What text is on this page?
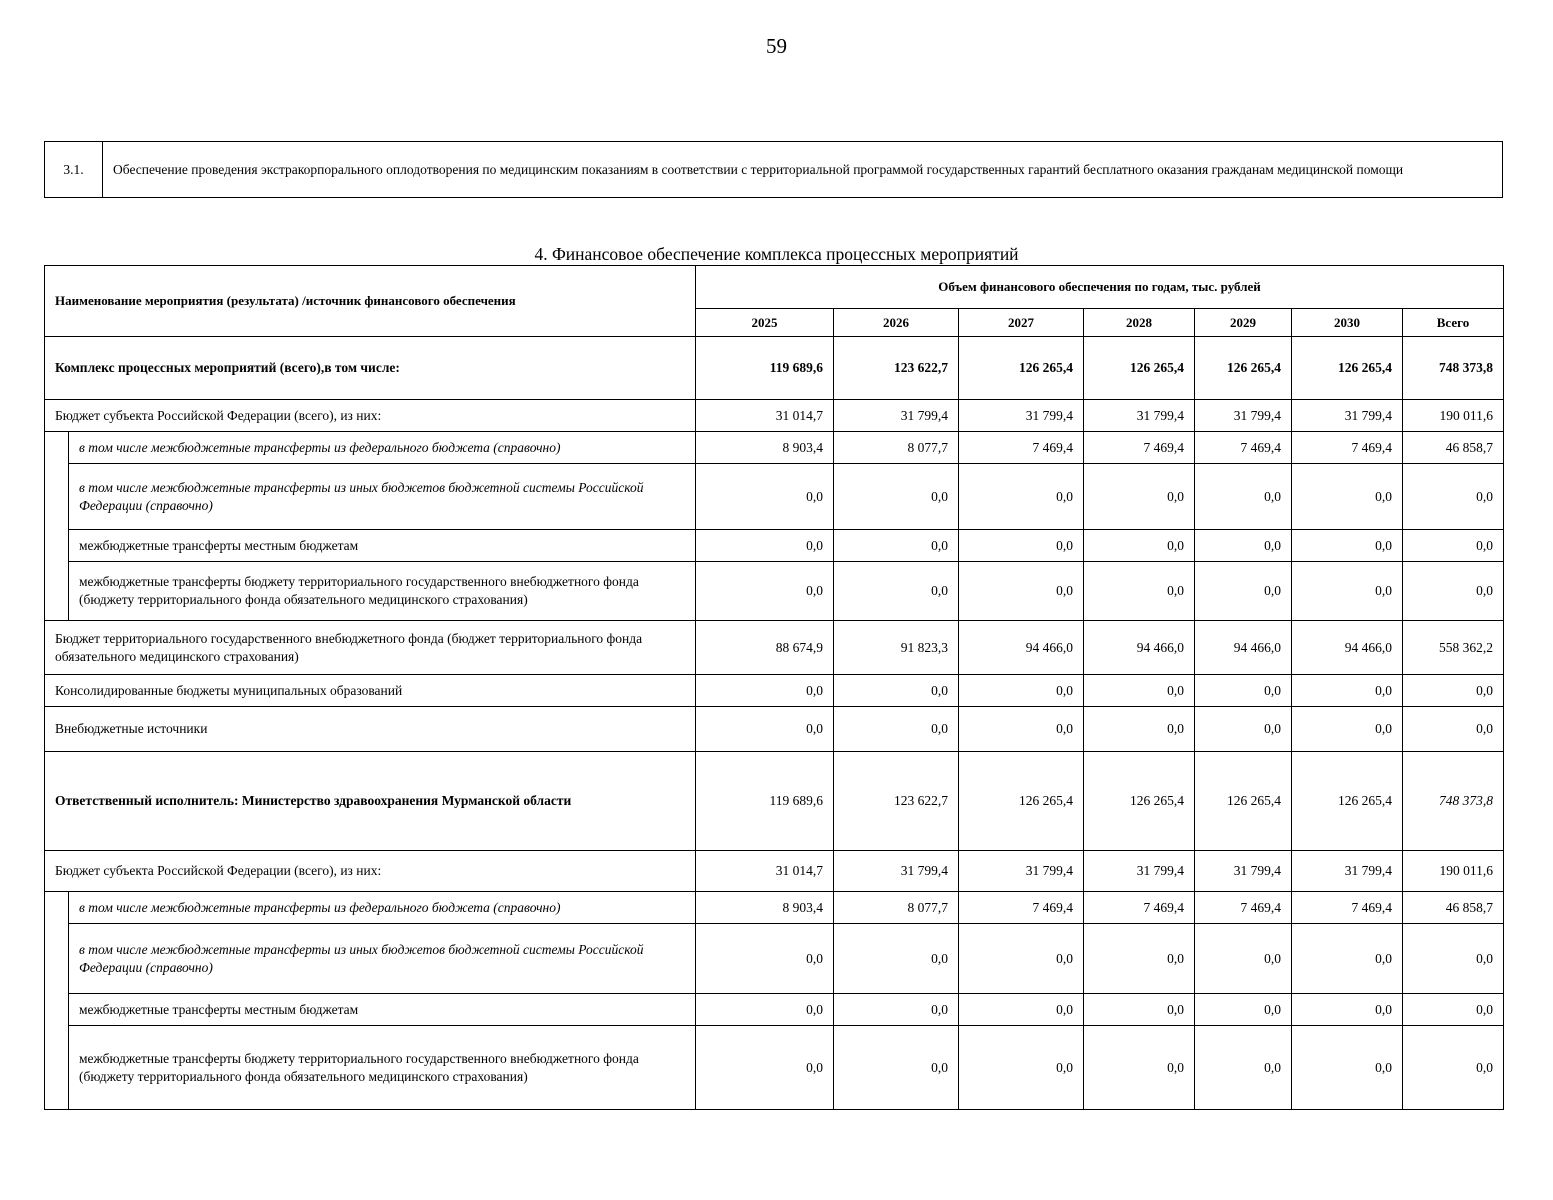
59
3.1.	Обеспечение проведения экстракорпорального оплодотворения по медицинским показаниям в соответствии с территориальной программой государственных гарантий бесплатного оказания гражданам медицинской помощи
4. Финансовое обеспечение комплекса процессных мероприятий
Наименование мероприятия (результата) /источник финансового обеспечения		Объем финансового обеспечения по годам, тыс. рублей						
		2025	2026	2027	2028	2029	2030	Всего
Комплекс процессных мероприятий (всего),в том числе:		119 689,6	123 622,7	126 265,4	126 265,4	126 265,4	126 265,4	748 373,8
Бюджет субъекта Российской Федерации (всего), из них:		31 014,7	31 799,4	31 799,4	31 799,4	31 799,4	31 799,4	190 011,6
	в том числе межбюджетные трансферты из федерального бюджета (справочно)	8 903,4	8 077,7	7 469,4	7 469,4	7 469,4	7 469,4	46 858,7
	в том числе межбюджетные трансферты из иных бюджетов бюджетной системы Российской Федерации (справочно)	0,0	0,0	0,0	0,0	0,0	0,0	0,0
	межбюджетные трансферты местным бюджетам	0,0	0,0	0,0	0,0	0,0	0,0	0,0
	межбюджетные трансферты бюджету территориального государственного внебюджетного фонда (бюджету территориального фонда обязательного медицинского страхования)	0,0	0,0	0,0	0,0	0,0	0,0	0,0
Бюджет территориального государственного внебюджетного фонда (бюджет территориального фонда обязательного медицинского страхования)		88 674,9	91 823,3	94 466,0	94 466,0	94 466,0	94 466,0	558 362,2
Консолидированные бюджеты муниципальных образований		0,0	0,0	0,0	0,0	0,0	0,0	0,0
Внебюджетные источники		0,0	0,0	0,0	0,0	0,0	0,0	0,0
Ответственный исполнитель: Министерство здравоохранения Мурманской области		119 689,6	123 622,7	126 265,4	126 265,4	126 265,4	126 265,4	748 373,8
Бюджет субъекта Российской Федерации (всего), из них:		31 014,7	31 799,4	31 799,4	31 799,4	31 799,4	31 799,4	190 011,6
	в том числе межбюджетные трансферты из федерального бюджета (справочно)	8 903,4	8 077,7	7 469,4	7 469,4	7 469,4	7 469,4	46 858,7
	в том числе межбюджетные трансферты из иных бюджетов бюджетной системы Российской Федерации (справочно)	0,0	0,0	0,0	0,0	0,0	0,0	0,0
	межбюджетные трансферты местным бюджетам	0,0	0,0	0,0	0,0	0,0	0,0	0,0
	межбюджетные трансферты бюджету территориального государственного внебюджетного фонда (бюджету территориального фонда обязательного медицинского страхования)	0,0	0,0	0,0	0,0	0,0	0,0	0,0
